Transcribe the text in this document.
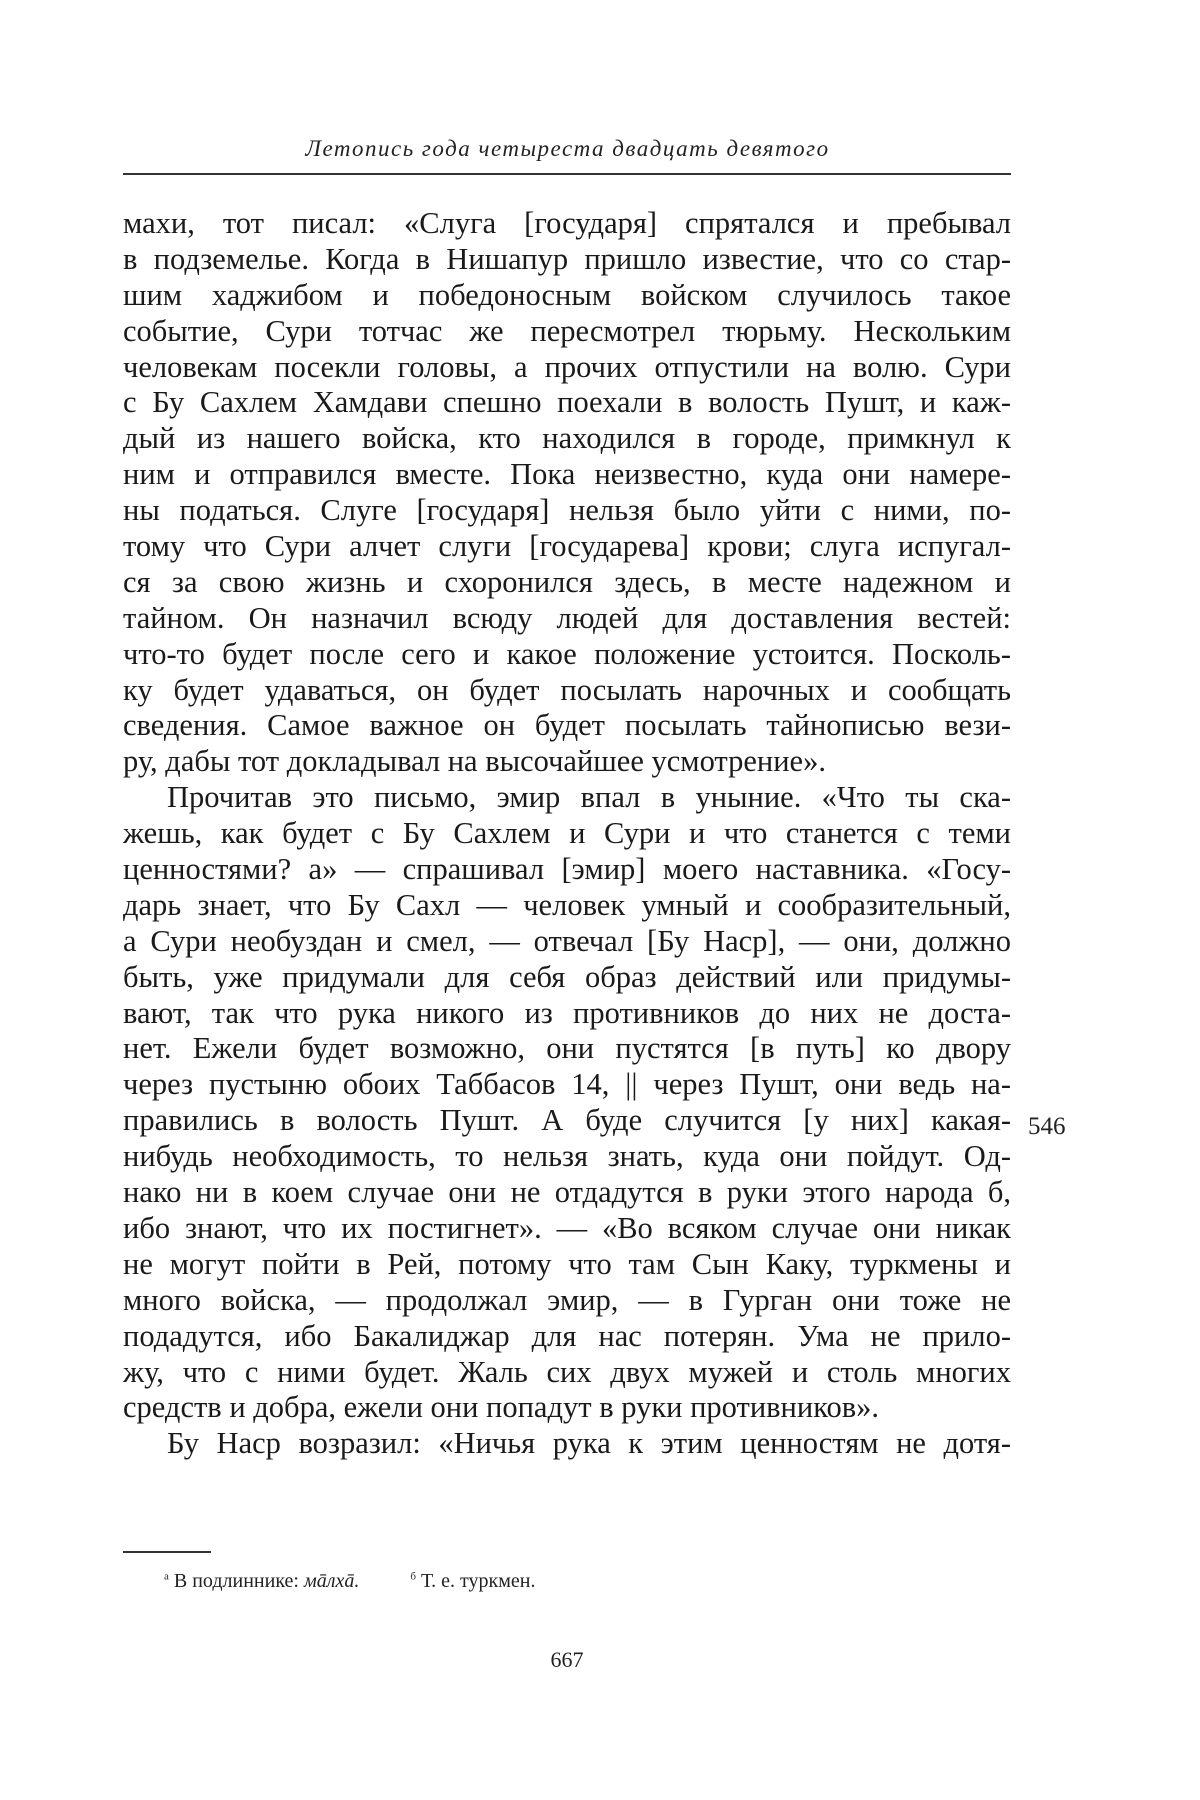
Летопись года четыреста двадцать девятого
махи, тот писал: «Слуга [государя] спрятался и пребывал
в подземелье. Когда в Нишапур пришло известие, что со стар-
шим хаджибом и победоносным войском случилось такое
событие, Сури тотчас же пересмотрел тюрьму. Нескольким
человекам посекли головы, а прочих отпустили на волю. Сури
с Бу Сахлем Хамдави спешно поехали в волость Пушт, и каж-
дый из нашего войска, кто находился в городе, примкнул к
ним и отправился вместе. Пока неизвестно, куда они намере-
ны податься. Слуге [государя] нельзя было уйти с ними, по-
тому что Сури алчет слуги [государева] крови; слуга испугал-
ся за свою жизнь и схоронился здесь, в месте надежном и
тайном. Он назначил всюду людей для доставления вестей:
что-то будет после сего и какое положение устоится. Посколь-
ку будет удаваться, он будет посылать нарочных и сообщать
сведения. Самое важное он будет посылать тайнописью вези-
ру, дабы тот докладывал на высочайшее усмотрение».
Прочитав это письмо, эмир впал в уныние. «Что ты ска-
жешь, как будет с Бу Сахлем и Сури и что станется с теми
ценностями? а» — спрашивал [эмир] моего наставника. «Госу-
дарь знает, что Бу Сахл — человек умный и сообразительный,
а Сури необуздан и смел, — отвечал [Бу Наср], — они, должно
быть, уже придумали для себя образ действий или придумы-
вают, так что рука никого из противников до них не доста-
нет. Ежели будет возможно, они пустятся [в путь] ко двору
через пустыню обоих Таббасов 14, || через Пушт, они ведь на-
правились в волость Пушт. А буде случится [у них] какая-
нибудь необходимость, то нельзя знать, куда они пойдут. Од-
нако ни в коем случае они не отдадутся в руки этого народа б,
ибо знают, что их постигнет». — «Во всяком случае они никак
не могут пойти в Рей, потому что там Сын Каку, туркмены и
много войска, — продолжал эмир, — в Гурган они тоже не
подадутся, ибо Бакалиджар для нас потерян. Ума не прило-
жу, что с ними будет. Жаль сих двух мужей и столь многих
средств и добра, ежели они попадут в руки противников».
Бу Наср возразил: «Ничья рука к этим ценностям не дотя-
546
$^а$ В подлиннике: мāлхā.	$^б$ Т. е. туркмен.
667
